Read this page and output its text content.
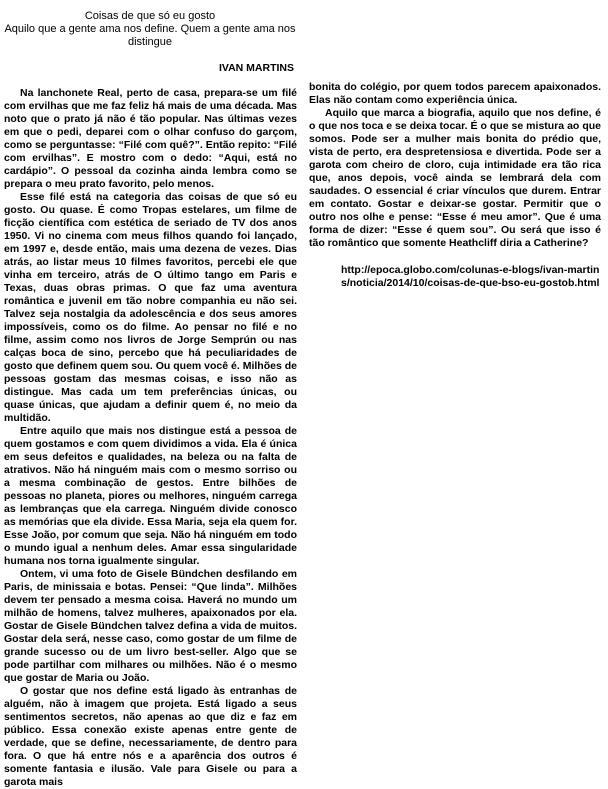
Coisas de que só eu gosto
Aquilo que a gente ama nos define. Quem a gente ama nos distingue
IVAN MARTINS

Na lanchonete Real, perto de casa, prepara-se um filé com ervilhas que me faz feliz há mais de uma década. Mas noto que o prato já não é tão popular. Nas últimas vezes em que o pedi, deparei com o olhar confuso do garçom, como se perguntasse: “Filé com quê?”. Então repito: “Filé com ervilhas”. E mostro com o dedo: “Aqui, está no cardápio”. O pessoal da cozinha ainda lembra como se prepara o meu prato favorito, pelo menos.

Esse filé está na categoria das coisas de que só eu gosto. Ou quase. É como Tropas estelares, um filme de ficção científica com estética de seriado de TV dos anos 1950. Vi no cinema com meus filhos quando foi lançado, em 1997 e, desde então, mais uma dezena de vezes. Dias atrás, ao listar meus 10 filmes favoritos, percebi ele que vinha em terceiro, atrás de O último tango em Paris e Texas, duas obras primas. O que faz uma aventura romântica e juvenil em tão nobre companhia eu não sei. Talvez seja nostalgia da adolescência e dos seus amores impossíveis, como os do filme. Ao pensar no filé e no filme, assim como nos livros de Jorge Semprún ou nas calças boca de sino, percebo que há peculiaridades de gosto que definem quem sou. Ou quem você é. Milhões de pessoas gostam das mesmas coisas, e isso não as distingue. Mas cada um tem preferências únicas, ou quase únicas, que ajudam a definir quem é, no meio da multidão.

Entre aquilo que mais nos distingue está a pessoa de quem gostamos e com quem dividimos a vida. Ela é única em seus defeitos e qualidades, na beleza ou na falta de atrativos. Não há ninguém mais com o mesmo sorriso ou a mesma combinação de gestos. Entre bilhões de pessoas no planeta, piores ou melhores, ninguém carrega as lembranças que ela carrega. Ninguém divide conosco as memórias que ela divide. Essa Maria, seja ela quem for. Esse João, por comum que seja. Não há ninguém em todo o mundo igual a nenhum deles. Amar essa singularidade humana nos torna igualmente singular.

Ontem, vi uma foto de Gisele Bündchen desfilando em Paris, de minissaia e botas. Pensei: “Que linda”. Milhões devem ter pensado a mesma coisa. Haverá no mundo um milhão de homens, talvez mulheres, apaixonados por ela. Gostar de Gisele Bündchen talvez defina a vida de muitos. Gostar dela será, nesse caso, como gostar de um filme de grande sucesso ou de um livro best-seller. Algo que se pode partilhar com milhares ou milhões. Não é o mesmo que gostar de Maria ou João.

O gostar que nos define está ligado às entranhas de alguém, não à imagem que projeta. Está ligado a seus sentimentos secretos, não apenas ao que diz e faz em público. Essa conexão existe apenas entre gente de verdade, que se define, necessariamente, de dentro para fora. O que há entre nós e a aparência dos outros é somente fantasia e ilusão. Vale para Gisele ou para a garota mais

bonita do colégio, por quem todos parecem apaixonados. Elas não contam como experiência única.

Aquilo que marca a biografia, aquilo que nos define, é o que nos toca e se deixa tocar. É o que se mistura ao que somos. Pode ser a mulher mais bonita do prédio que, vista de perto, era despretensiosa e divertida. Pode ser a garota com cheiro de cloro, cuja intimidade era tão rica que, anos depois, você ainda se lembrará dela com saudades. O essencial é criar vínculos que durem. Entrar em contato. Gostar e deixar-se gostar. Permitir que o outro nos olhe e pense: “Esse é meu amor”. Que é uma forma de dizer: “Esse é quem sou”. Ou será que isso é tão romântico que somente Heathcliff diria a Catherine?

http://epoca.globo.com/colunas-e-blogs/ivan-martins/noticia/2014/10/coisas-de-que-bso-eu-gostob.html
